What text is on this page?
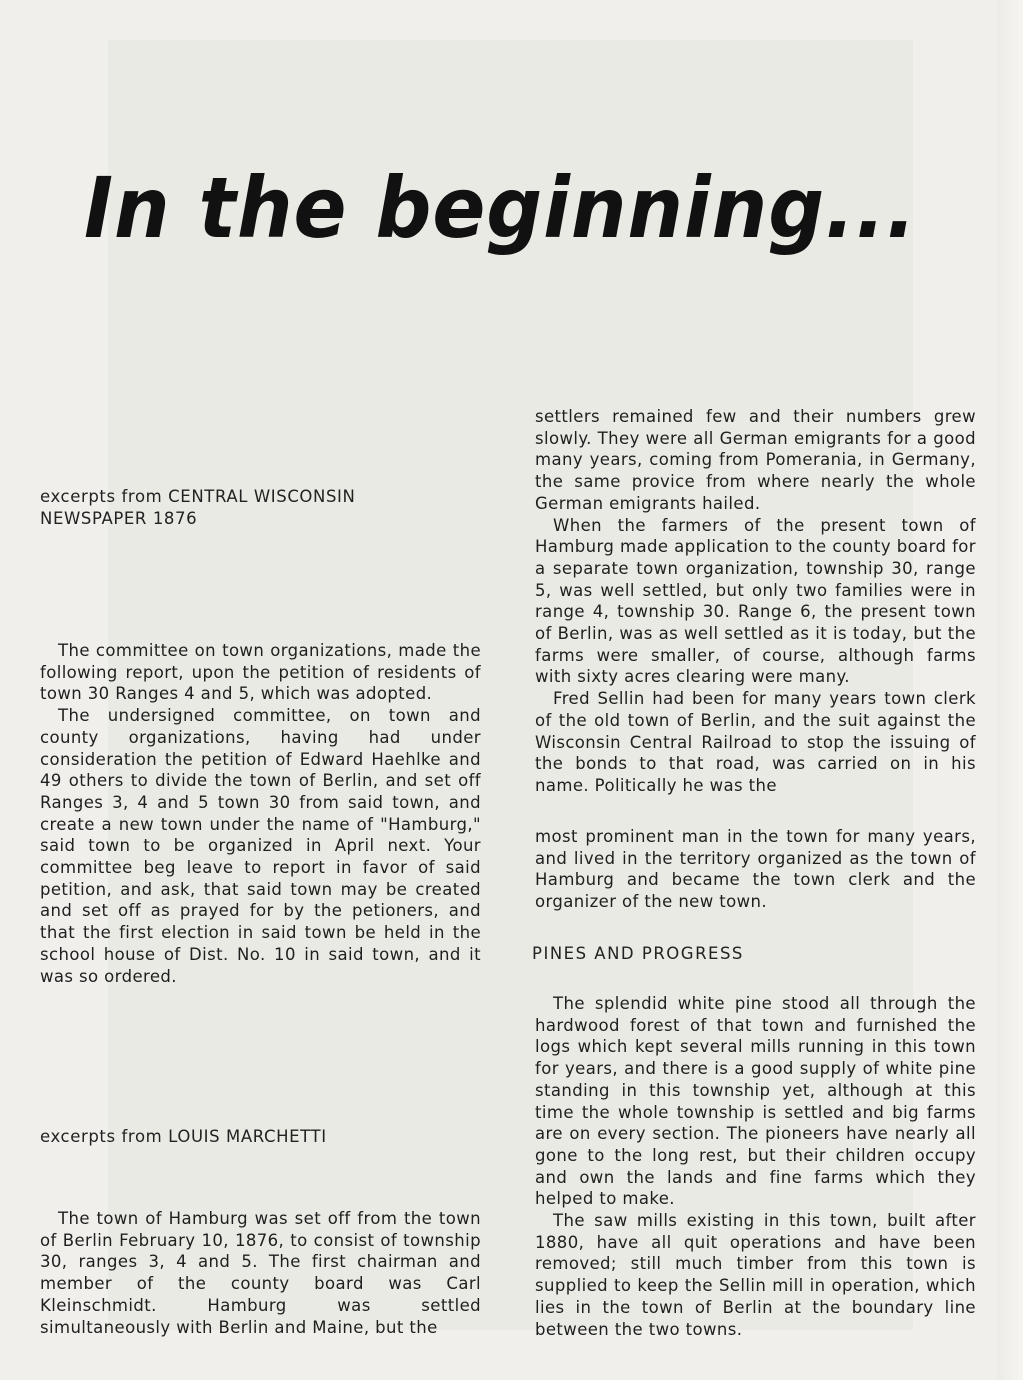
In the beginning...
excerpts from CENTRAL WISCONSIN NEWSPAPER 1876

The committee on town organizations, made the following report, upon the petition of residents of town 30 Ranges 4 and 5, which was adopted.

The undersigned committee, on town and county organizations, having had under consideration the petition of Edward Haehlke and 49 others to divide the town of Berlin, and set off Ranges 3, 4 and 5 town 30 from said town, and create a new town under the name of "Hamburg," said town to be organized in April next. Your committee beg leave to report in favor of said petition, and ask, that said town may be created and set off as prayed for by the petioners, and that the first election in said town be held in the school house of Dist. No. 10 in said town, and it was so ordered.

excerpts from LOUIS MARCHETTI

The town of Hamburg was set off from the town of Berlin February 10, 1876, to consist of township 30, ranges 3, 4 and 5. The first chairman and member of the county board was Carl Kleinschmidt. Hamburg was settled simultaneously with Berlin and Maine, but the

settlers remained few and their numbers grew slowly. They were all German emigrants for a good many years, coming from Pomerania, in Germany, the same provice from where nearly the whole German emigrants hailed.

When the farmers of the present town of Hamburg made application to the county board for a separate town organization, township 30, range 5, was well settled, but only two families were in range 4, township 30. Range 6, the present town of Berlin, was as well settled as it is today, but the farms were smaller, of course, although farms with sixty acres clearing were many.

Fred Sellin had been for many years town clerk of the old town of Berlin, and the suit against the Wisconsin Central Railroad to stop the issuing of the bonds to that road, was carried on in his name. Politically he was the

most prominent man in the town for many years, and lived in the territory organized as the town of Hamburg and became the town clerk and the organizer of the new town.

PINES AND PROGRESS

The splendid white pine stood all through the hardwood forest of that town and furnished the logs which kept several mills running in this town for years, and there is a good supply of white pine standing in this township yet, although at this time the whole township is settled and big farms are on every section. The pioneers have nearly all gone to the long rest, but their children occupy and own the lands and fine farms which they helped to make.

The saw mills existing in this town, built after 1880, have all quit operations and have been removed; still much timber from this town is supplied to keep the Sellin mill in operation, which lies in the town of Berlin at the boundary line between the two towns.
